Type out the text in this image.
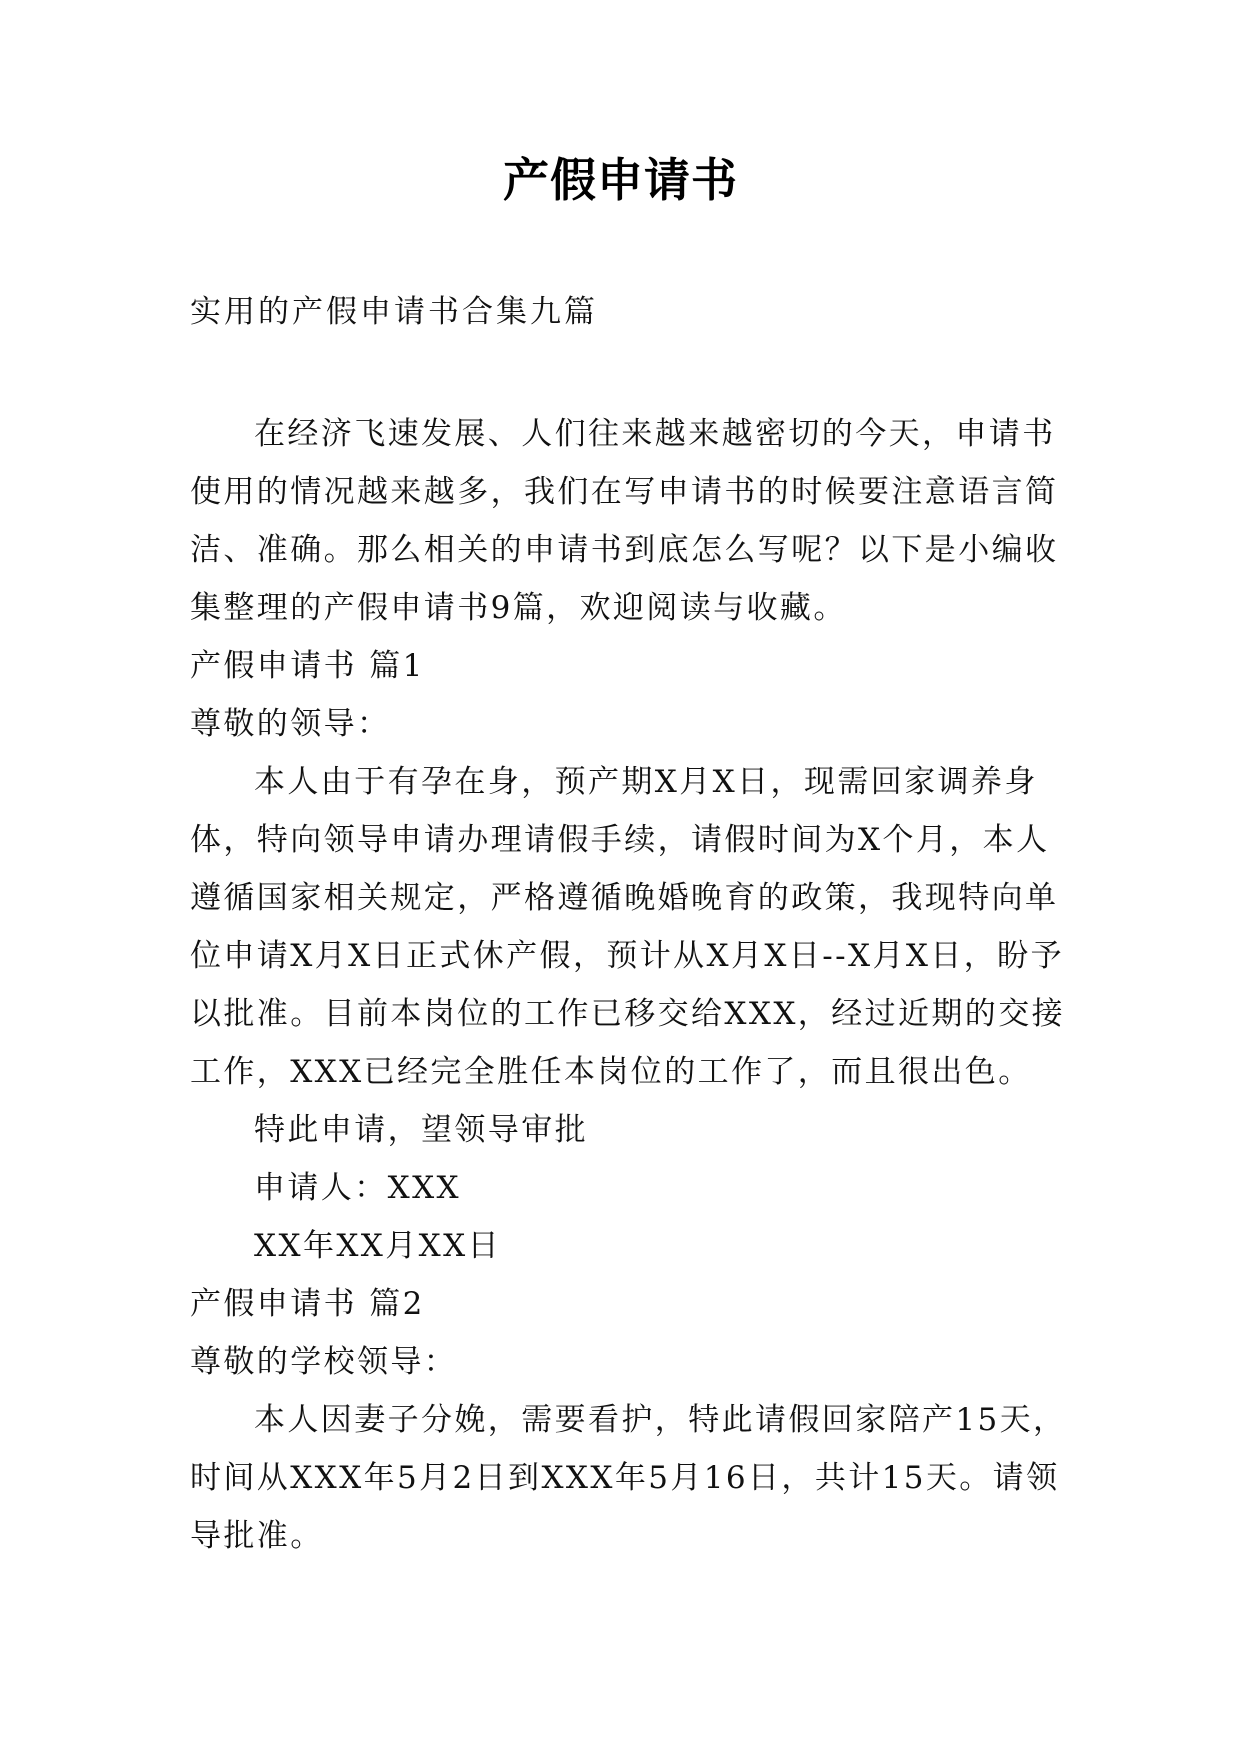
产假申请书
实用的产假申请书合集九篇

在经济飞速发展、人们往来越来越密切的今天，申请书使用的情况越来越多，我们在写申请书的时候要注意语言简洁、准确。那么相关的申请书到底怎么写呢？以下是小编收集整理的产假申请书9篇，欢迎阅读与收藏。

产假申请书 篇1

尊敬的领导：

本人由于有孕在身，预产期X月X日，现需回家调养身体，特向领导申请办理请假手续，请假时间为X个月，本人遵循国家相关规定，严格遵循晚婚晚育的政策，我现特向单位申请X月X日正式休产假，预计从X月X日--X月X日，盼予以批准。目前本岗位的工作已移交给XXX，经过近期的交接工作，XXX已经完全胜任本岗位的工作了，而且很出色。

特此申请，望领导审批

申请人：XXX

XX年XX月XX日

产假申请书 篇2

尊敬的学校领导：

本人因妻子分娩，需要看护，特此请假回家陪产15天，时间从XXX年5月2日到XXX年5月16日，共计15天。请领导批准。
